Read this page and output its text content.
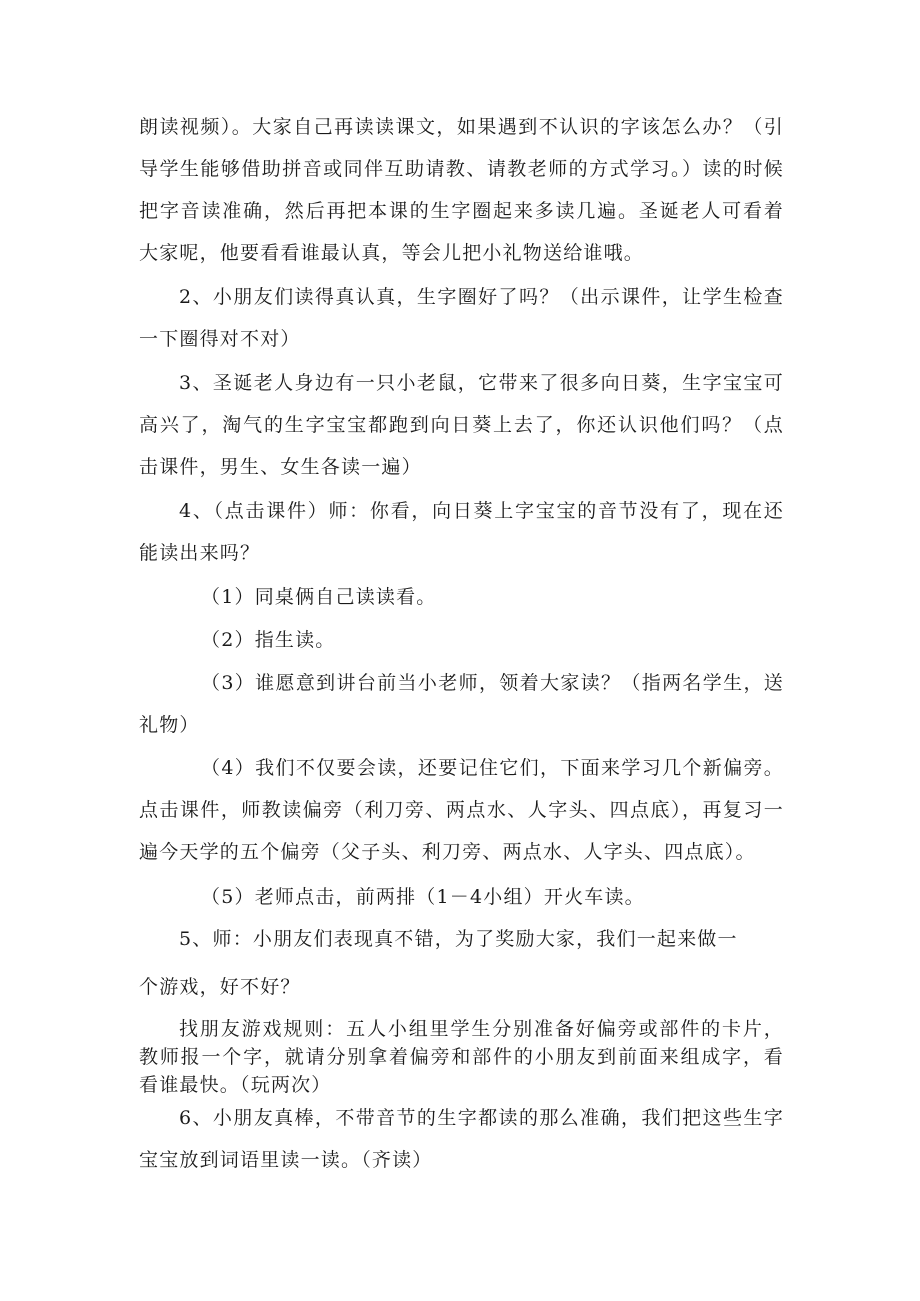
朗读视频）。大家自己再读读课文，如果遇到不认识的字该怎么办？（引导学生能够借助拼音或同伴互助请教、请教老师的方式学习。）读的时候把字音读准确，然后再把本课的生字圈起来多读几遍。圣诞老人可看着大家呢，他要看看谁最认真，等会儿把小礼物送给谁哦。

2、小朋友们读得真认真，生字圈好了吗？（出示课件，让学生检查一下圈得对不对）

3、圣诞老人身边有一只小老鼠，它带来了很多向日葵，生字宝宝可高兴了，淘气的生字宝宝都跑到向日葵上去了，你还认识他们吗？（点击课件，男生、女生各读一遍）

4、（点击课件）师：你看，向日葵上字宝宝的音节没有了，现在还能读出来吗？

（1）同桌俩自己读读看。

（2）指生读。

（3）谁愿意到讲台前当小老师，领着大家读？（指两名学生，送礼物）

（4）我们不仅要会读，还要记住它们，下面来学习几个新偏旁。点击课件，师教读偏旁（利刀旁、两点水、人字头、四点底），再复习一遍今天学的五个偏旁（父子头、利刀旁、两点水、人字头、四点底）。

（5）老师点击，前两排（1－4小组）开火车读。

5、师：小朋友们表现真不错，为了奖励大家，我们一起来做一

个游戏，好不好？

找朋友游戏规则：五人小组里学生分别准备好偏旁或部件的卡片，教师报一个字，就请分别拿着偏旁和部件的小朋友到前面来组成字，看看谁最快。（玩两次）

6、小朋友真棒，不带音节的生字都读的那么准确，我们把这些生字宝宝放到词语里读一读。（齐读）
